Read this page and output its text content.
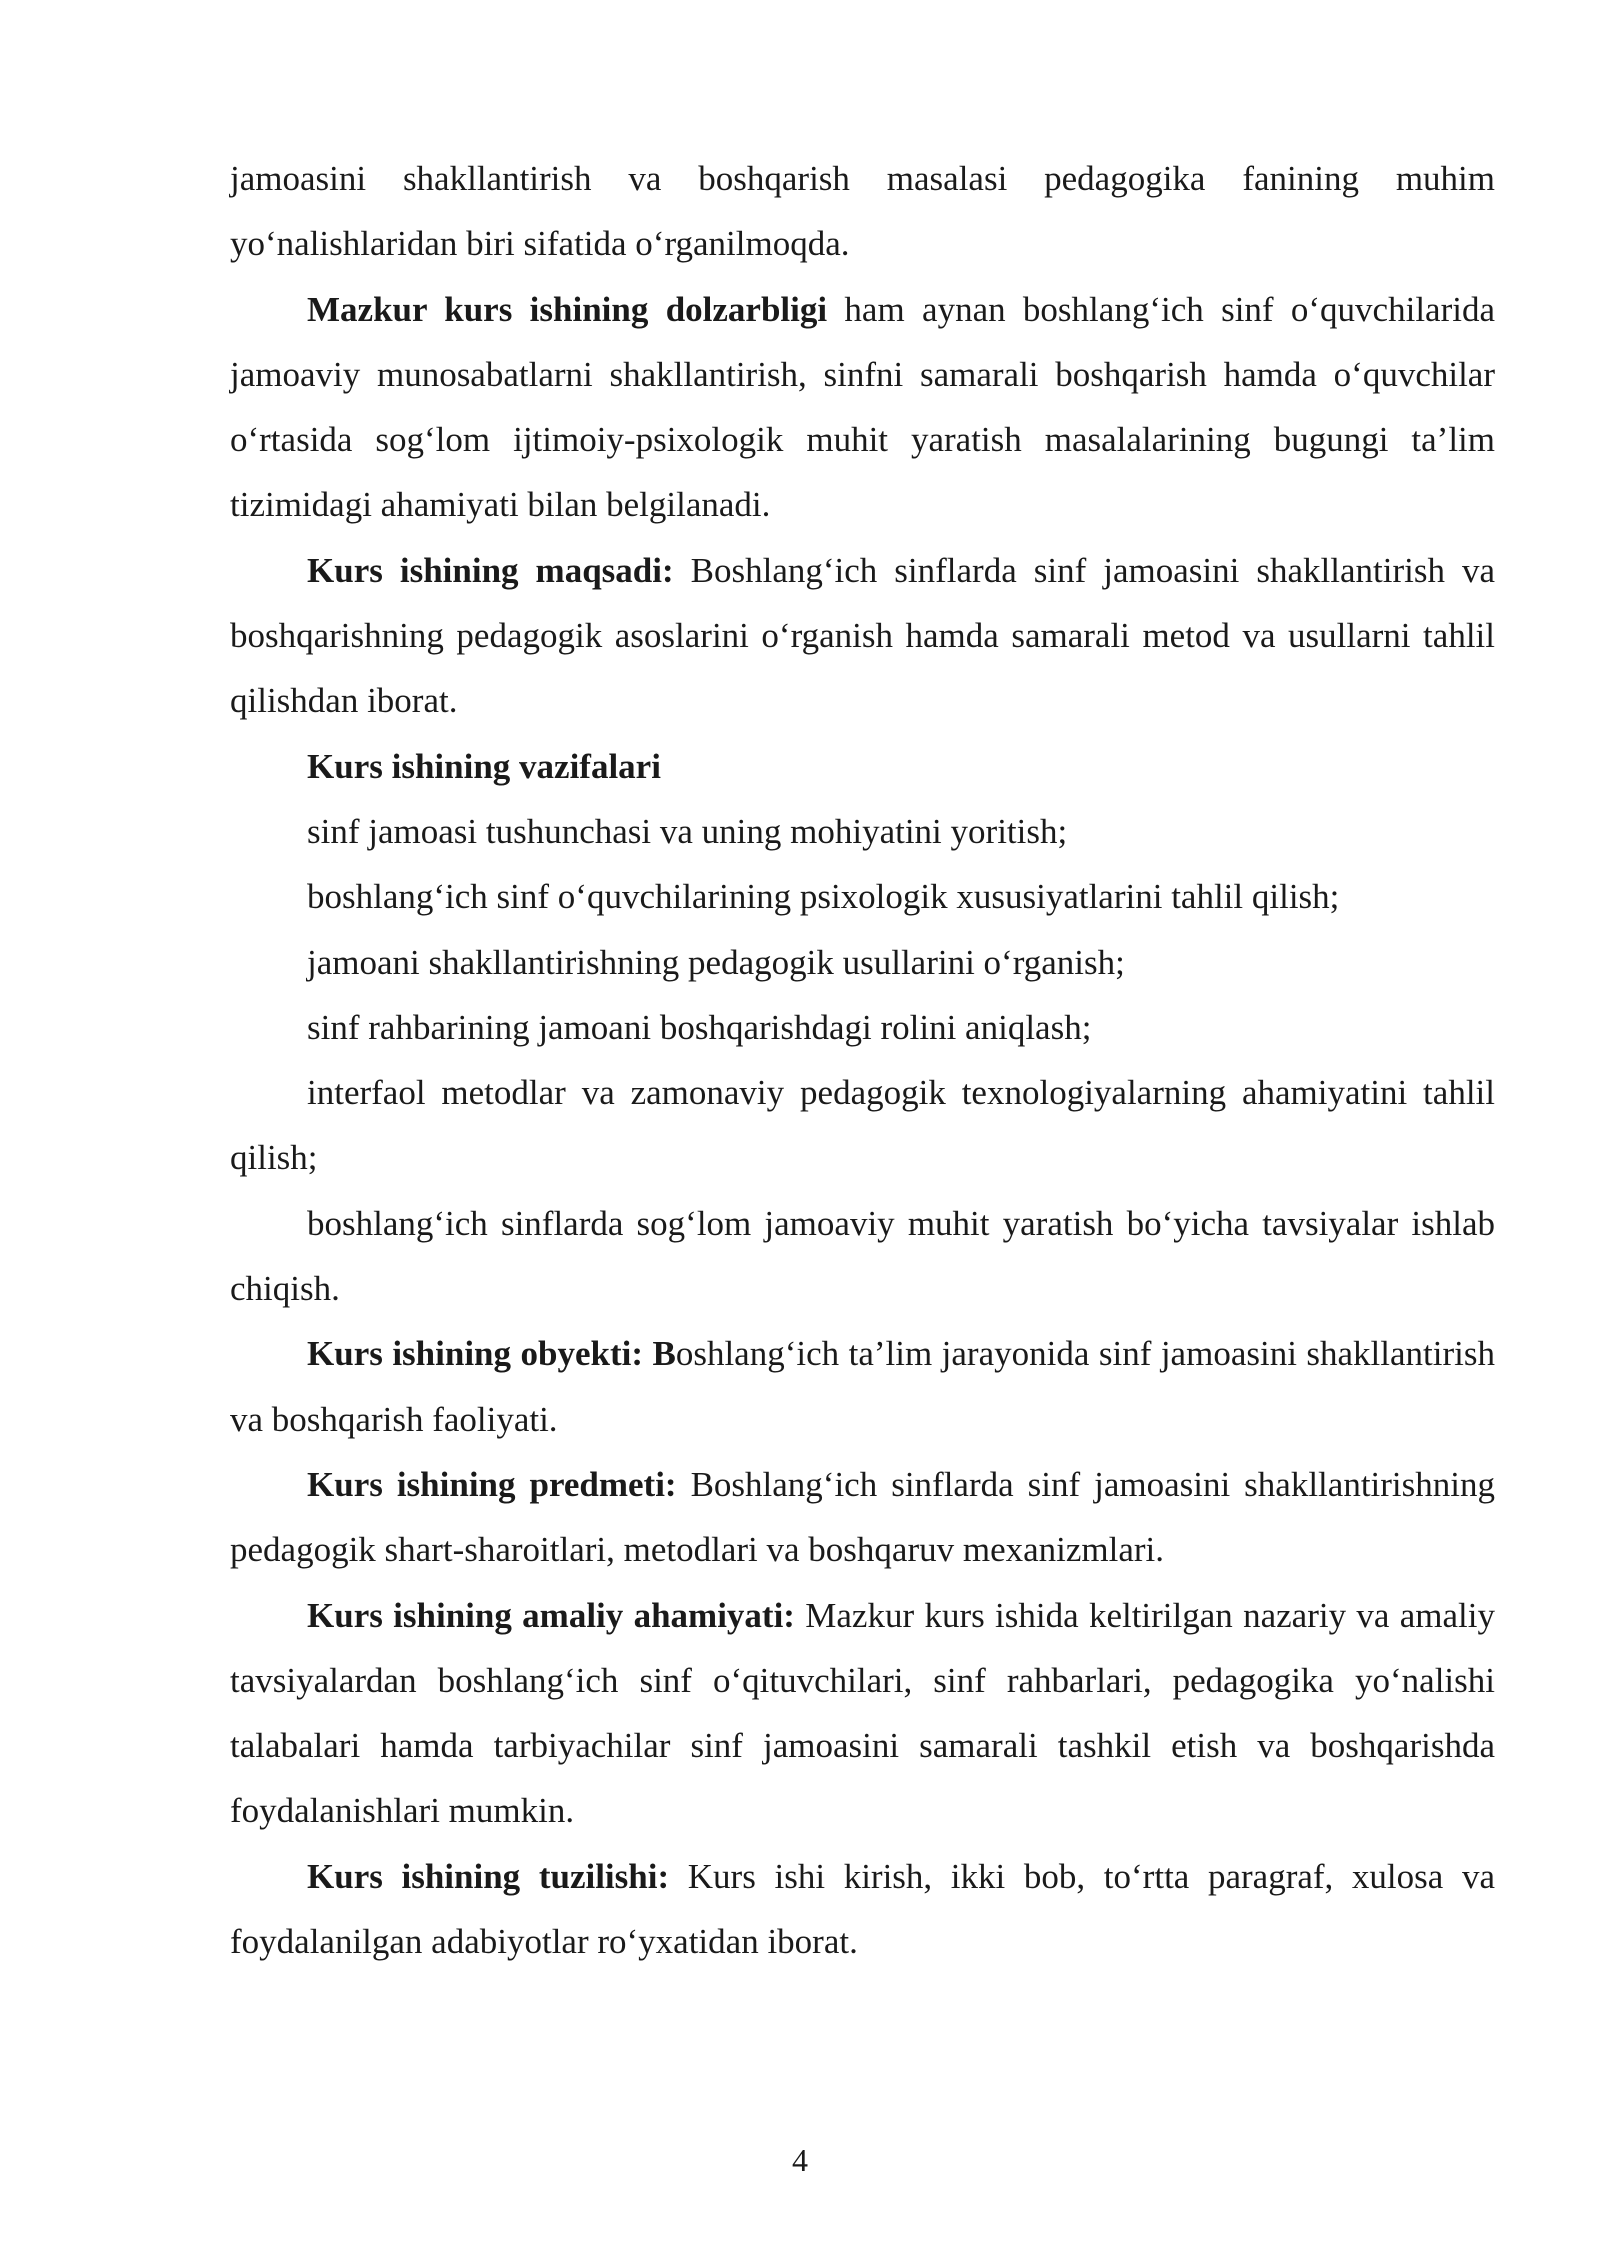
jamoasini shakllantirish va boshqarish masalasi pedagogika fanining muhim yo‘nalishlaridan biri sifatida o‘rganilmoqda.

Mazkur kurs ishining dolzarbligi ham aynan boshlang‘ich sinf o‘quvchilarida jamoaviy munosabatlarni shakllantirish, sinfni samarali boshqarish hamda o‘quvchilar o‘rtasida sog‘lom ijtimoiy-psixologik muhit yaratish masalalarining bugungi ta’lim tizimidagi ahamiyati bilan belgilanadi.

Kurs ishining maqsadi: Boshlang‘ich sinflarda sinf jamoasini shakllantirish va boshqarishning pedagogik asoslarini o‘rganish hamda samarali metod va usullarni tahlil qilishdan iborat.

Kurs ishining vazifalari

sinf jamoasi tushunchasi va uning mohiyatini yoritish;

boshlang‘ich sinf o‘quvchilarining psixologik xususiyatlarini tahlil qilish;

jamoani shakllantirishning pedagogik usullarini o‘rganish;

sinf rahbarining jamoani boshqarishdagi rolini aniqlash;

interfaol metodlar va zamonaviy pedagogik texnologiyalarning ahamiyatini tahlil qilish;

boshlang‘ich sinflarda sog‘lom jamoaviy muhit yaratish bo‘yicha tavsiyalar ishlab chiqish.

Kurs ishining obyekti: Boshlang‘ich ta’lim jarayonida sinf jamoasini shakllantirish va boshqarish faoliyati.

Kurs ishining predmeti: Boshlang‘ich sinflarda sinf jamoasini shakllantirishning pedagogik shart-sharoitlari, metodlari va boshqaruv mexanizmlari.

Kurs ishining amaliy ahamiyati: Mazkur kurs ishida keltirilgan nazariy va amaliy tavsiyalardan boshlang‘ich sinf o‘qituvchilari, sinf rahbarlari, pedagogika yo‘nalishi talabalari hamda tarbiyachilar sinf jamoasini samarali tashkil etish va boshqarishda foydalanishlari mumkin.

Kurs ishining tuzilishi: Kurs ishi kirish, ikki bob, to‘rtta paragraf, xulosa va foydalanilgan adabiyotlar ro‘yxatidan iborat.

4
